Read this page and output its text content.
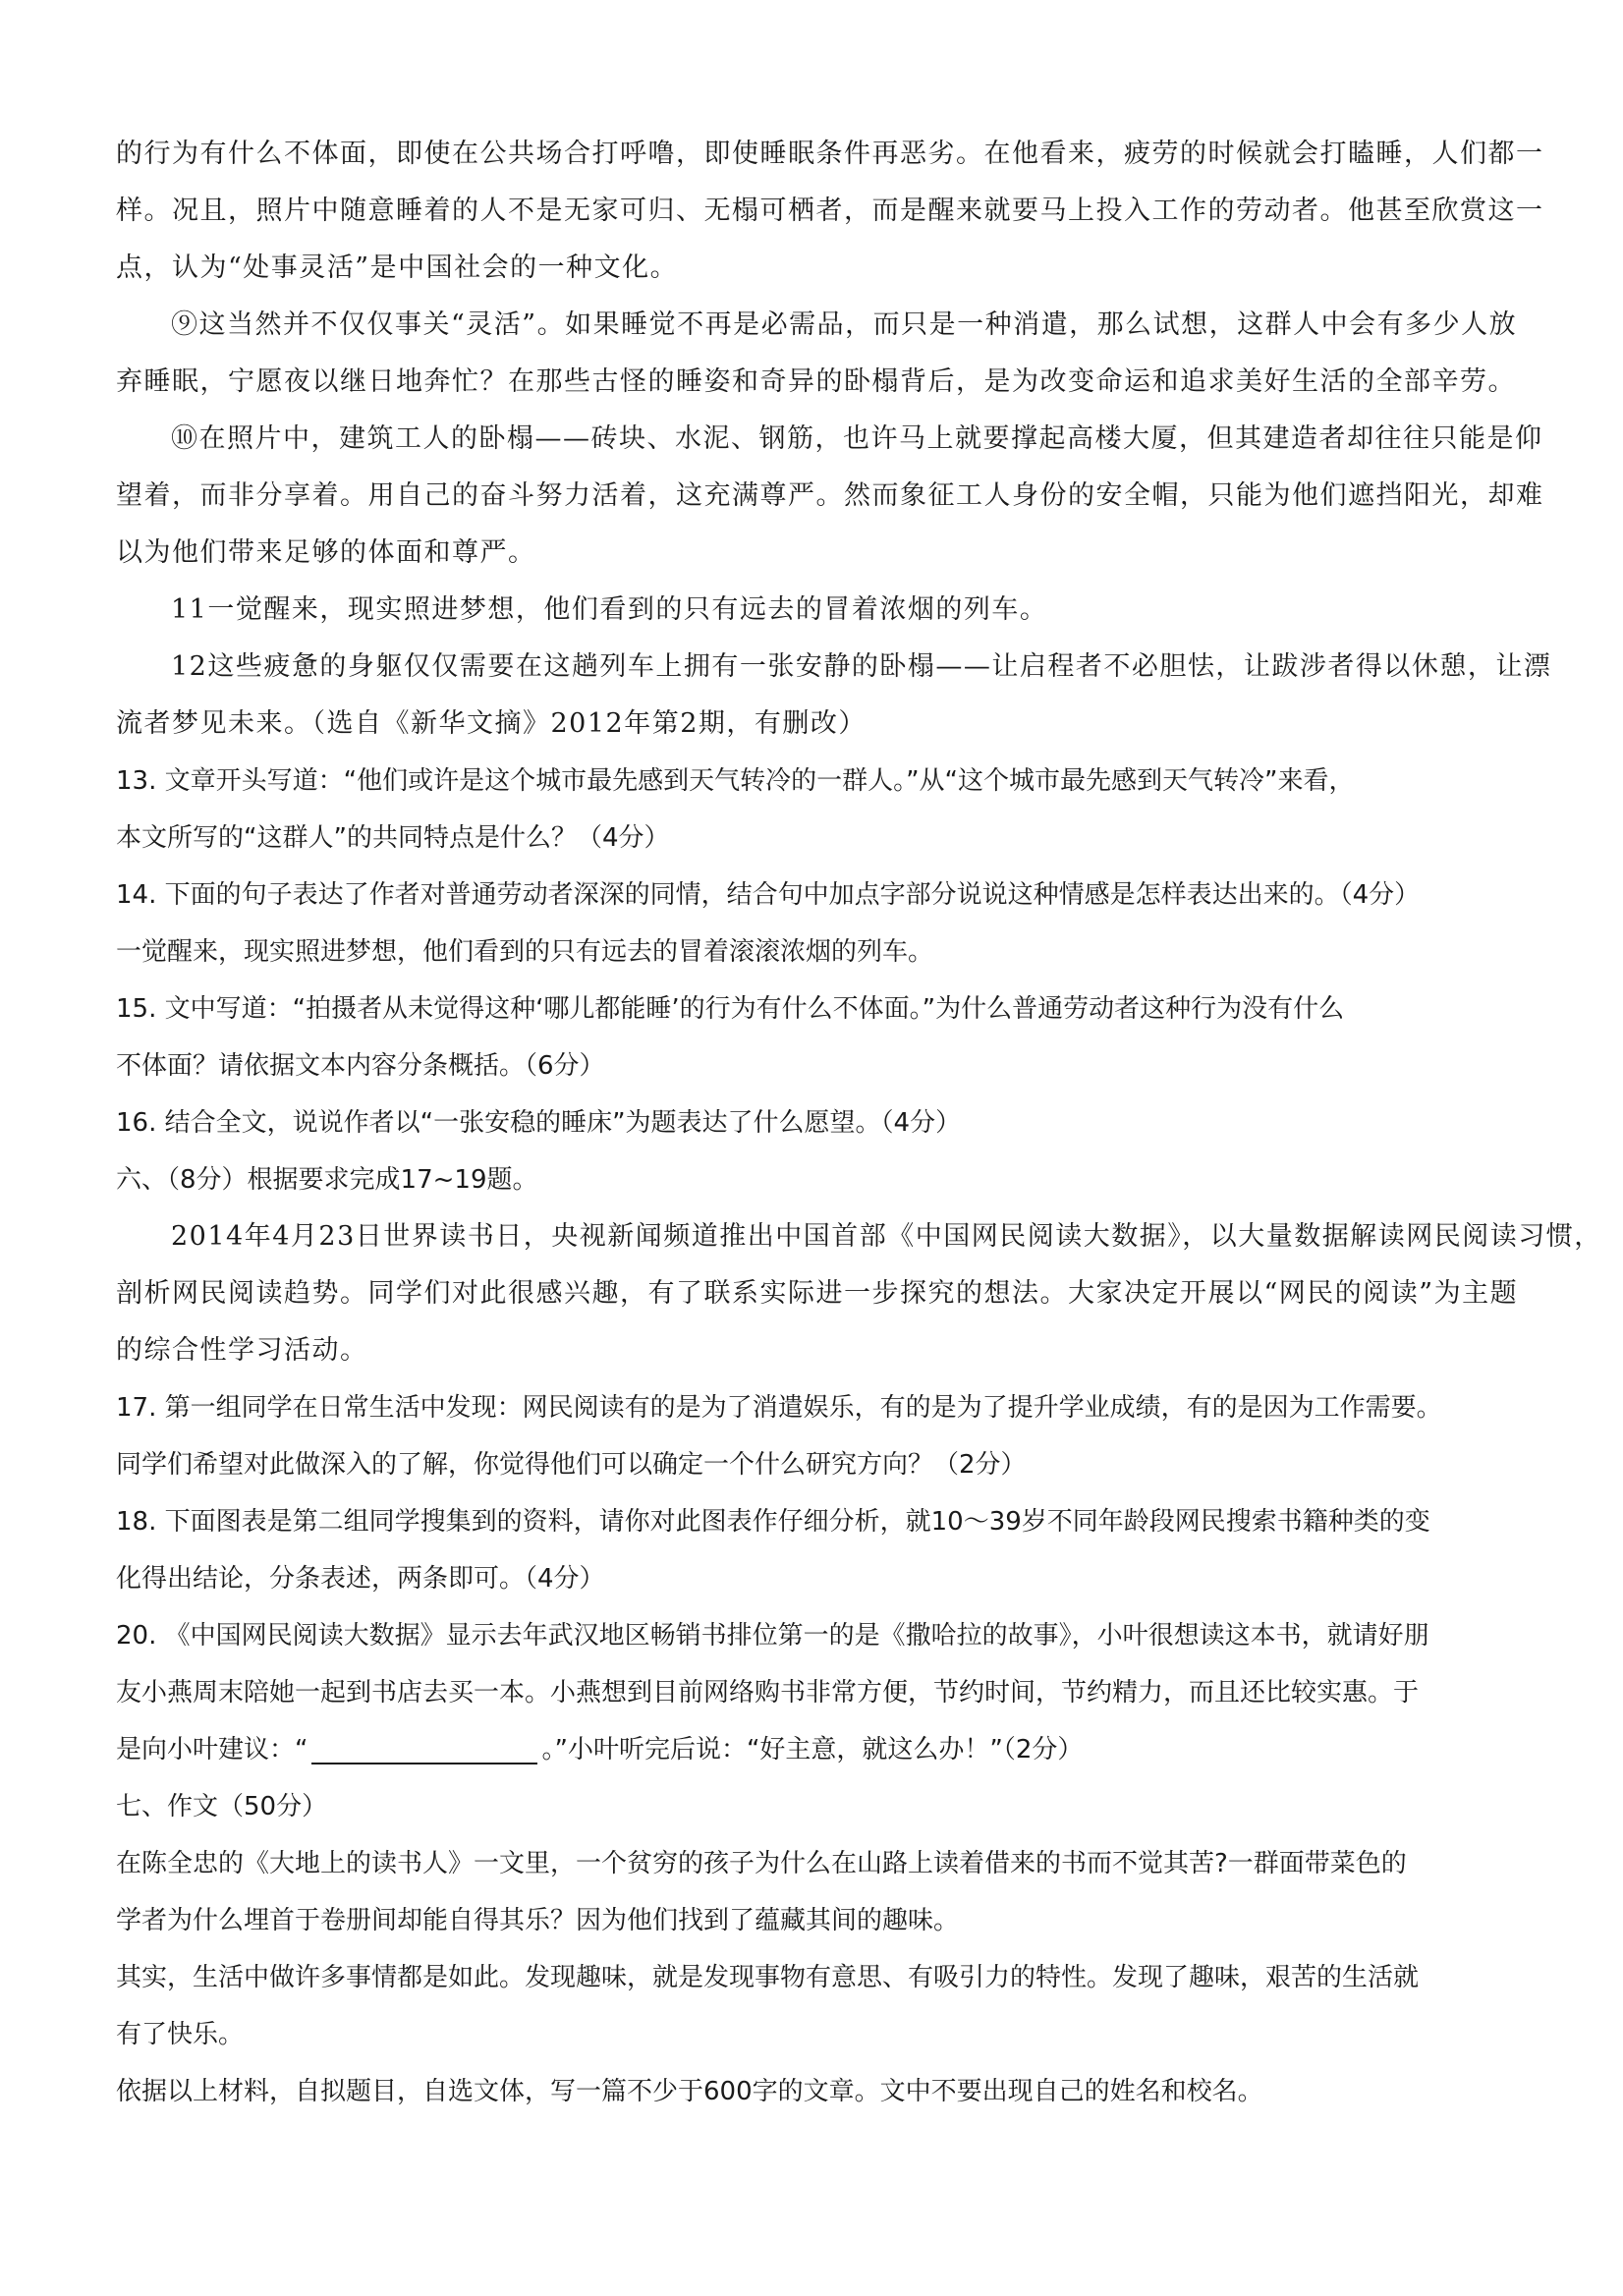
的行为有什么不体面，即使在公共场合打呼噜，即使睡眠条件再恶劣。在他看来，疲劳的时候就会打瞌睡，人们都一
样。况且，照片中随意睡着的人不是无家可归、无榻可栖者，而是醒来就要马上投入工作的劳动者。他甚至欣赏这一
点，认为“处事灵活”是中国社会的一种文化。
⑨这当然并不仅仅事关“灵活”。如果睡觉不再是必需品，而只是一种消遣，那么试想，这群人中会有多少人放
弃睡眠，宁愿夜以继日地奔忙？在那些古怪的睡姿和奇异的卧榻背后，是为改变命运和追求美好生活的全部辛劳。
⑩在照片中，建筑工人的卧榻——砖块、水泥、钢筋，也许马上就要撑起高楼大厦，但其建造者却往往只能是仰
望着，而非分享着。用自己的奋斗努力活着，这充满尊严。然而象征工人身份的安全帽，只能为他们遮挡阳光，却难
以为他们带来足够的体面和尊严。
11一觉醒来，现实照进梦想，他们看到的只有远去的冒着浓烟的列车。
12这些疲惫的身躯仅仅需要在这趟列车上拥有一张安静的卧榻——让启程者不必胆怯，让跋涉者得以休憩，让漂
流者梦见未来。（选自《新华文摘》2012年第2期，有删改）
13. 文章开头写道：“他们或许是这个城市最先感到天气转冷的一群人。”从“这个城市最先感到天气转冷”来看，
本文所写的“这群人”的共同特点是什么？（4分）
14. 下面的句子表达了作者对普通劳动者深深的同情，结合句中加点字部分说说这种情感是怎样表达出来的。（4分）
一觉醒来，现实照进梦想，他们看到的只有远去的冒着滚滚浓烟的列车。
15. 文中写道：“拍摄者从未觉得这种‘哪儿都能睡’的行为有什么不体面。”为什么普通劳动者这种行为没有什么
不体面？请依据文本内容分条概括。（6分）
16. 结合全文，说说作者以“一张安稳的睡床”为题表达了什么愿望。（4分）
六、（8分）根据要求完成17~19题。
2014年4月23日世界读书日，央视新闻频道推出中国首部《中国网民阅读大数据》，以大量数据解读网民阅读习惯，
剖析网民阅读趋势。同学们对此很感兴趣，有了联系实际进一步探究的想法。大家决定开展以“网民的阅读”为主题
的综合性学习活动。
17. 第一组同学在日常生活中发现：网民阅读有的是为了消遣娱乐，有的是为了提升学业成绩，有的是因为工作需要。
同学们希望对此做深入的了解，你觉得他们可以确定一个什么研究方向？（2分）
18. 下面图表是第二组同学搜集到的资料，请你对此图表作仔细分析，就10～39岁不同年龄段网民搜索书籍种类的变
化得出结论，分条表述，两条即可。（4分）
20. 《中国网民阅读大数据》显示去年武汉地区畅销书排位第一的是《撒哈拉的故事》，小叶很想读这本书，就请好朋
友小燕周末陪她一起到书店去买一本。小燕想到目前网络购书非常方便，节约时间，节约精力，而且还比较实惠。于
是向小叶建议：“	。”小叶听完后说：“好主意，就这么办！”（2分）
七、作文（50分）
在陈全忠的《大地上的读书人》一文里，一个贫穷的孩子为什么在山路上读着借来的书而不觉其苦?一群面带菜色的
学者为什么埋首于卷册间却能自得其乐？因为他们找到了蕴藏其间的趣味。
其实，生活中做许多事情都是如此。发现趣味，就是发现事物有意思、有吸引力的特性。发现了趣味，艰苦的生活就
有了快乐。
依据以上材料，自拟题目，自选文体，写一篇不少于600字的文章。文中不要出现自己的姓名和校名。
